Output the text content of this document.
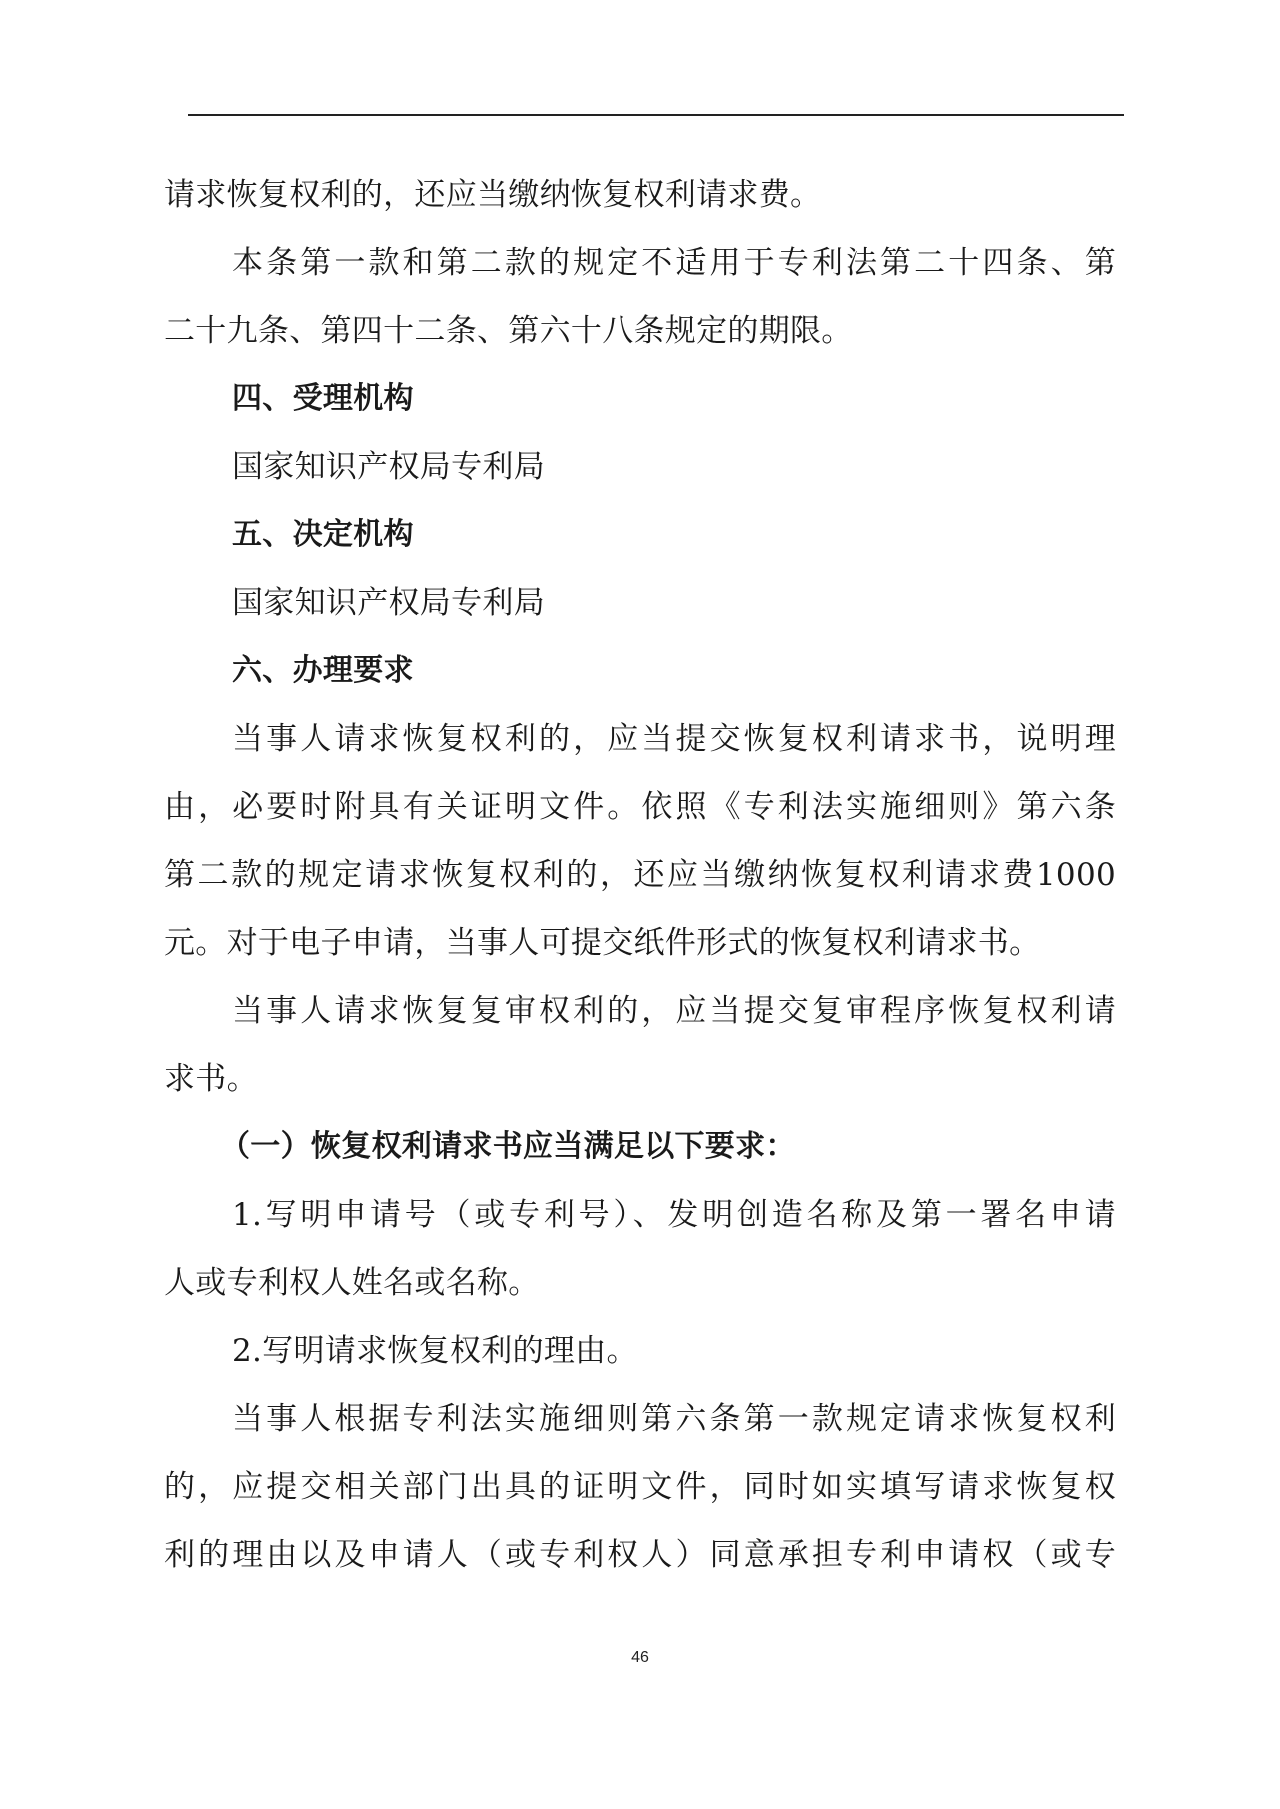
请求恢复权利的，还应当缴纳恢复权利请求费。
本条第一款和第二款的规定不适用于专利法第二十四条、第
二十九条、第四十二条、第六十八条规定的期限。
四、受理机构
国家知识产权局专利局
五、决定机构
国家知识产权局专利局
六、办理要求
当事人请求恢复权利的，应当提交恢复权利请求书，说明理
由，必要时附具有关证明文件。依照《专利法实施细则》第六条
第二款的规定请求恢复权利的，还应当缴纳恢复权利请求费1000
元。对于电子申请，当事人可提交纸件形式的恢复权利请求书。
当事人请求恢复复审权利的，应当提交复审程序恢复权利请
求书。
（一）恢复权利请求书应当满足以下要求：
1.写明申请号（或专利号）、发明创造名称及第一署名申请
人或专利权人姓名或名称。
2.写明请求恢复权利的理由。
当事人根据专利法实施细则第六条第一款规定请求恢复权利
的，应提交相关部门出具的证明文件，同时如实填写请求恢复权
利的理由以及申请人（或专利权人）同意承担专利申请权（或专
46
